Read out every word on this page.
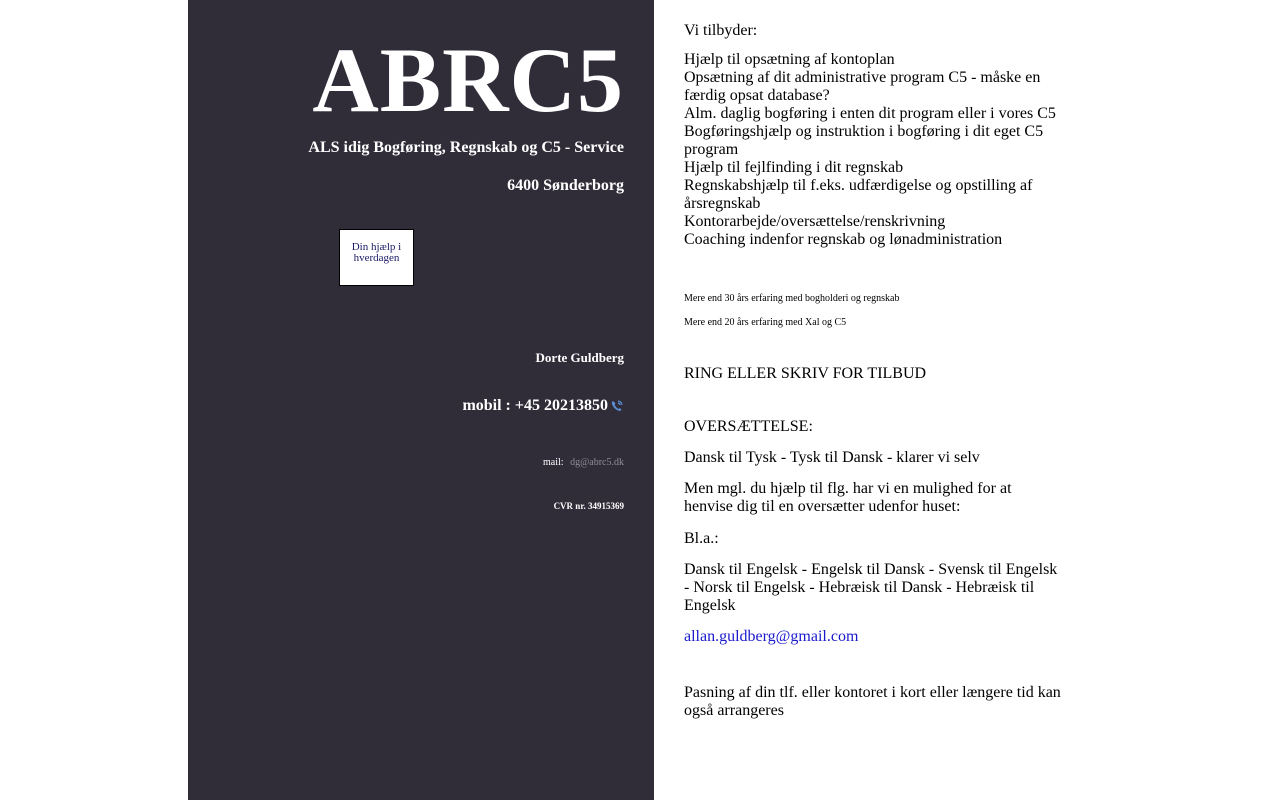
ABRC5
ALS idig Bogføring, Regnskab og C5 - Service
6400 Sønderborg
Din hjælp i hverdagen
Dorte Guldberg
mobil : +45 20213850
mail: dg@abrc5.dk
CVR nr. 34915369

Vi tilbyder:

Hjælp til opsætning af kontoplan
Opsætning af dit administrative program C5 - måske en færdig opsat database?
Alm. daglig bogføring i enten dit program eller i vores C5
Bogføringshjælp og instruktion i bogføring i dit eget C5 program
Hjælp til fejlfinding i dit regnskab
Regnskabshjælp til f.eks. udfærdigelse og opstilling af årsregnskab
Kontorarbejde/oversættelse/renskrivning
Coaching indenfor regnskab og lønadministration

Mere end 30 års erfaring med bogholderi og regnskab

Mere end 20 års erfaring med Xal og C5

RING ELLER SKRIV FOR TILBUD

OVERSÆTTELSE:

Dansk til Tysk - Tysk til Dansk - klarer vi selv

Men mgl. du hjælp til flg. har vi en mulighed for at henvise dig til en oversætter udenfor huset:

Bl.a.:

Dansk til Engelsk - Engelsk til Dansk - Svensk til Engelsk - Norsk til Engelsk - Hebræisk til Dansk - Hebræisk til Engelsk

allan.guldberg@gmail.com

Pasning af din tlf. eller kontoret i kort eller længere tid kan også arrangeres
